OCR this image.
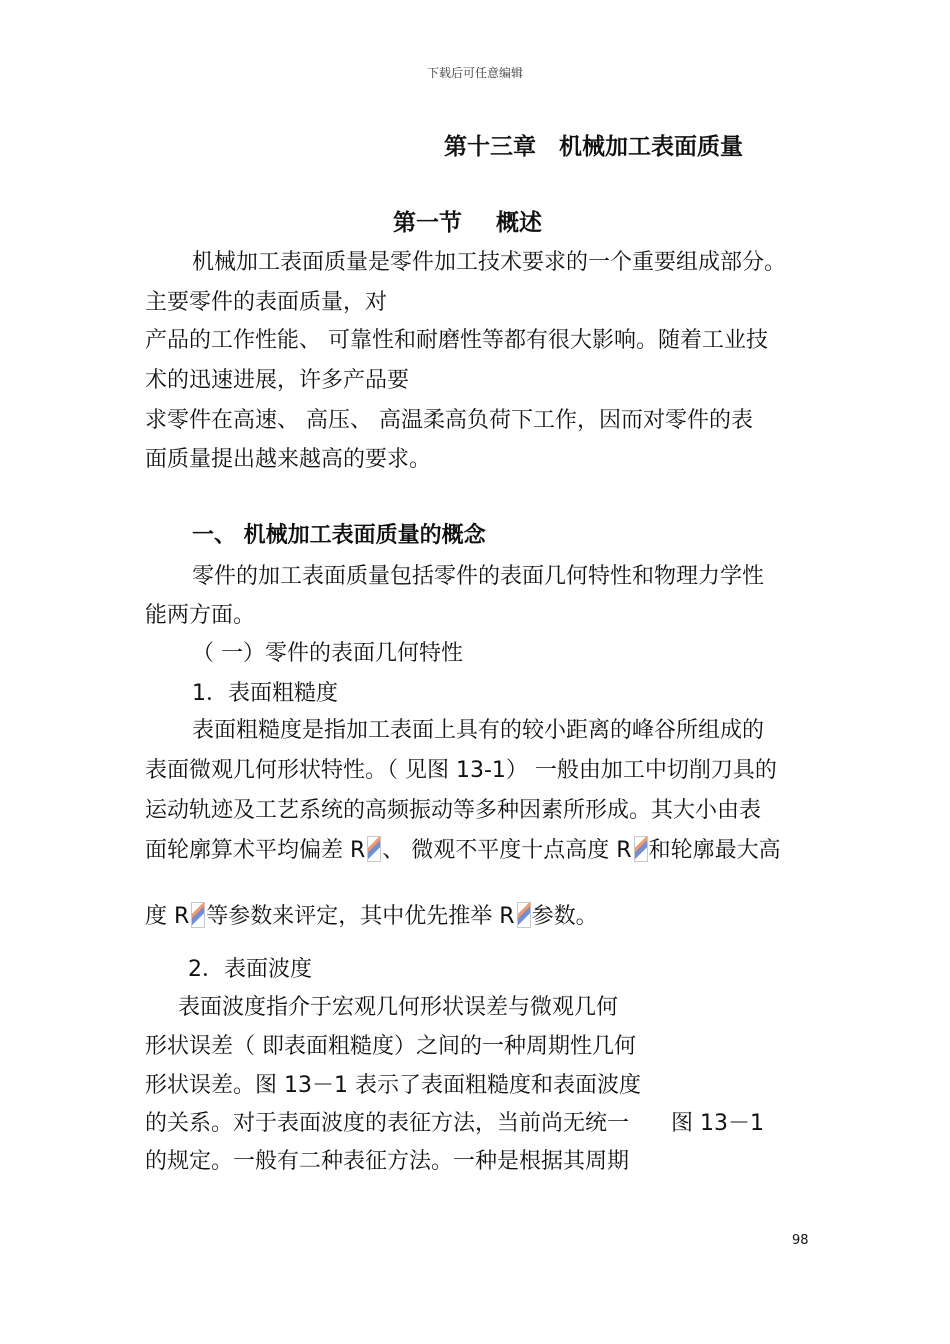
下载后可任意编辑
第十三章　机械加工表面质量
第一节 概述
机械加工表面质量是零件加工技术要求的一个重要组成部分。
主要零件的表面质量，对
产品的工作性能、 可靠性和耐磨性等都有很大影响。随着工业技
术的迅速进展，许多产品要
求零件在高速、 高压、 高温柔高负荷下工作，因而对零件的表
面质量提出越来越高的要求。
一、 机械加工表面质量的概念
零件的加工表面质量包括零件的表面几何特性和物理力学性
能两方面。
（ 一）零件的表面几何特性
1．表面粗糙度
表面粗糙度是指加工表面上具有的较小距离的峰谷所组成的
表面微观几何形状特性。（ 见图 13-1） 一般由加工中切削刀具的
运动轨迹及工艺系统的高频振动等多种因素所形成。其大小由表
面轮廓算术平均偏差 R 、 微观不平度十点高度 R 和轮廓最大高
度 R 等参数来评定，其中优先推举 R 参数。
2．表面波度
表面波度指介于宏观几何形状误差与微观几何
形状误差（ 即表面粗糙度）之间的一种周期性几何
形状误差。图 13－1 表示了表面粗糙度和表面波度
的关系。对于表面波度的表征方法，当前尚无统一 图 13－1
的规定。一般有二种表征方法。一种是根据其周期
98
